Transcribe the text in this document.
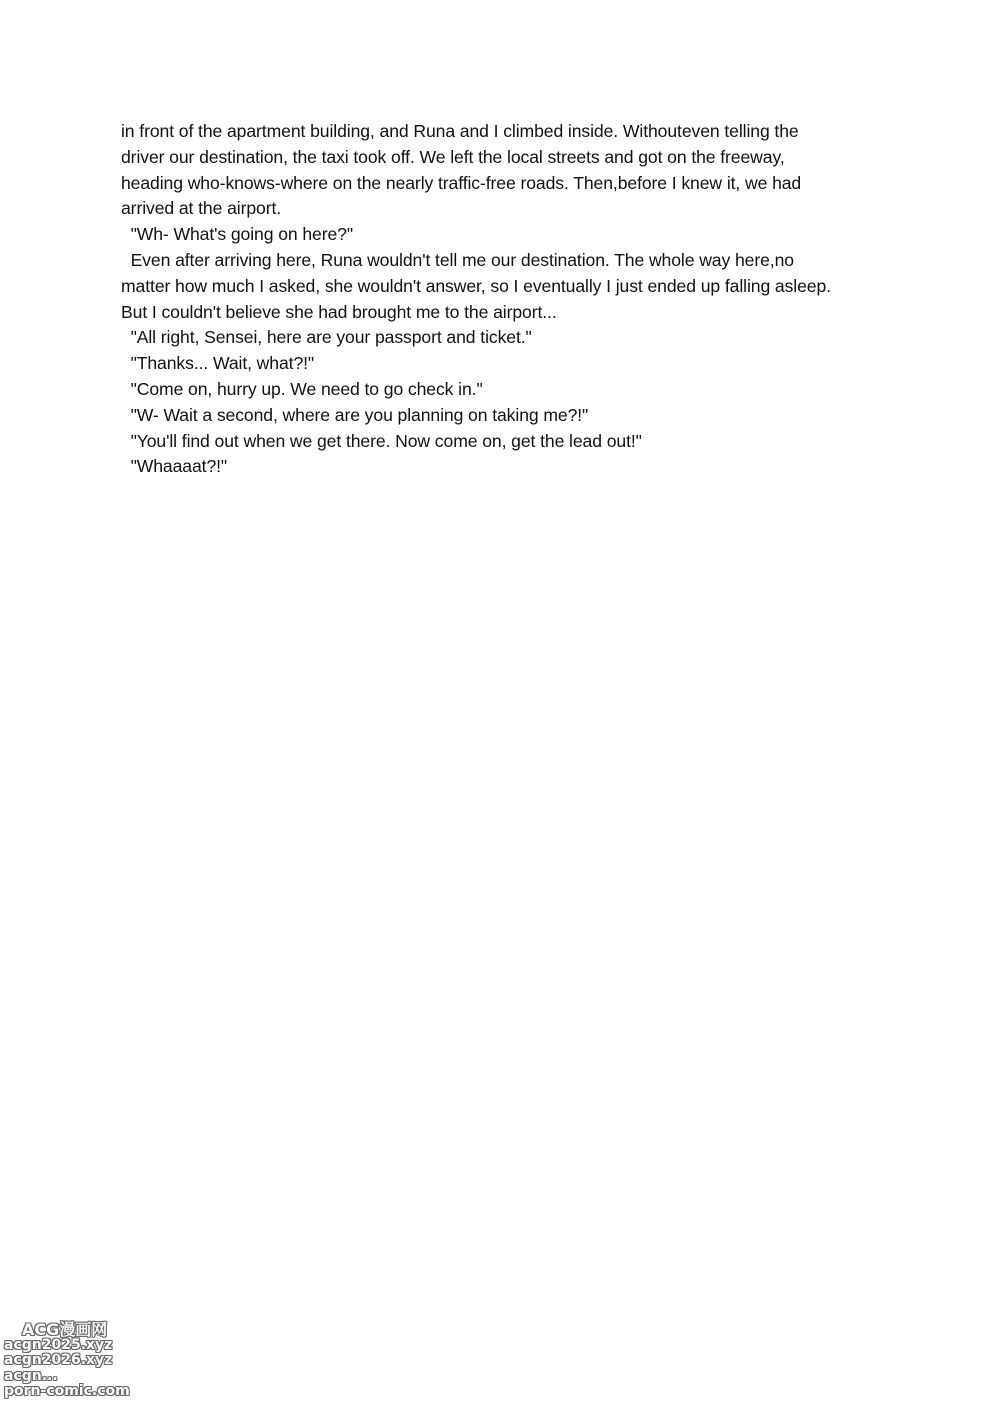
in front of the apartment building, and Runa and I climbed inside. Withouteven telling the
driver our destination, the taxi took off. We left the local streets and got on the freeway,
heading who-knows-where on the nearly traffic-free roads. Then,before I knew it, we had
arrived at the airport.
"Wh- What's going on here?"
Even after arriving here, Runa wouldn't tell me our destination. The whole way here,no
matter how much I asked, she wouldn't answer, so I eventually I just ended up falling asleep.
But I couldn't believe she had brought me to the airport...
"All right, Sensei, here are your passport and ticket."
"Thanks... Wait, what?!"
"Come on, hurry up. We need to go check in."
"W- Wait a second, where are you planning on taking me?!"
"You'll find out when we get there. Now come on, get the lead out!"
"Whaaaat?!"
ACG漫画网
acgn2025.xyz
acgn2026.xyz
acgn...
porn-comic.com
